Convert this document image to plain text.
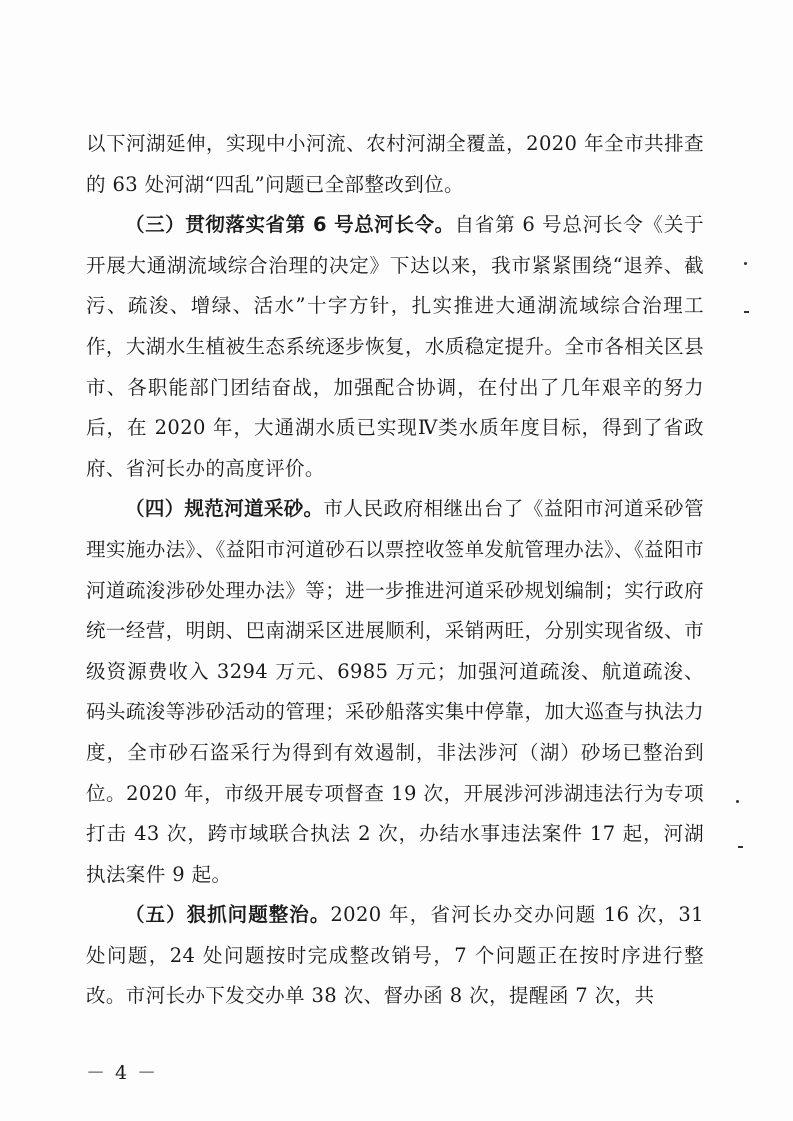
以下河湖延伸，实现中小河流、农村河湖全覆盖，2020 年全市共排查的 63 处河湖“四乱”问题已全部整改到位。

（三）贯彻落实省第 6 号总河长令。自省第 6 号总河长令《关于开展大通湖流域综合治理的决定》下达以来，我市紧紧围绕“退养、截污、疏浚、增绿、活水”十字方针，扎实推进大通湖流域综合治理工作，大湖水生植被生态系统逐步恢复，水质稳定提升。全市各相关区县市、各职能部门团结奋战，加强配合协调，在付出了几年艰辛的努力后，在 2020 年，大通湖水质已实现Ⅳ类水质年度目标，得到了省政府、省河长办的高度评价。

（四）规范河道采砂。市人民政府相继出台了《益阳市河道采砂管理实施办法》、《益阳市河道砂石以票控收签单发航管理办法》、《益阳市河道疏浚涉砂处理办法》等；进一步推进河道采砂规划编制；实行政府统一经营，明朗、巴南湖采区进展顺利，采销两旺，分别实现省级、市级资源费收入 3294 万元、6985 万元；加强河道疏浚、航道疏浚、码头疏浚等涉砂活动的管理；采砂船落实集中停靠，加大巡查与执法力度，全市砂石盗采行为得到有效遏制，非法涉河（湖）砂场已整治到位。2020 年，市级开展专项督查 19 次，开展涉河涉湖违法行为专项打击 43 次，跨市域联合执法 2 次，办结水事违法案件 17 起，河湖执法案件 9 起。

（五）狠抓问题整治。2020 年，省河长办交办问题 16 次，31 处问题，24 处问题按时完成整改销号，7 个问题正在按时序进行整改。市河长办下发交办单 38 次、督办函 8 次，提醒函 7 次，共

－ 4 －
